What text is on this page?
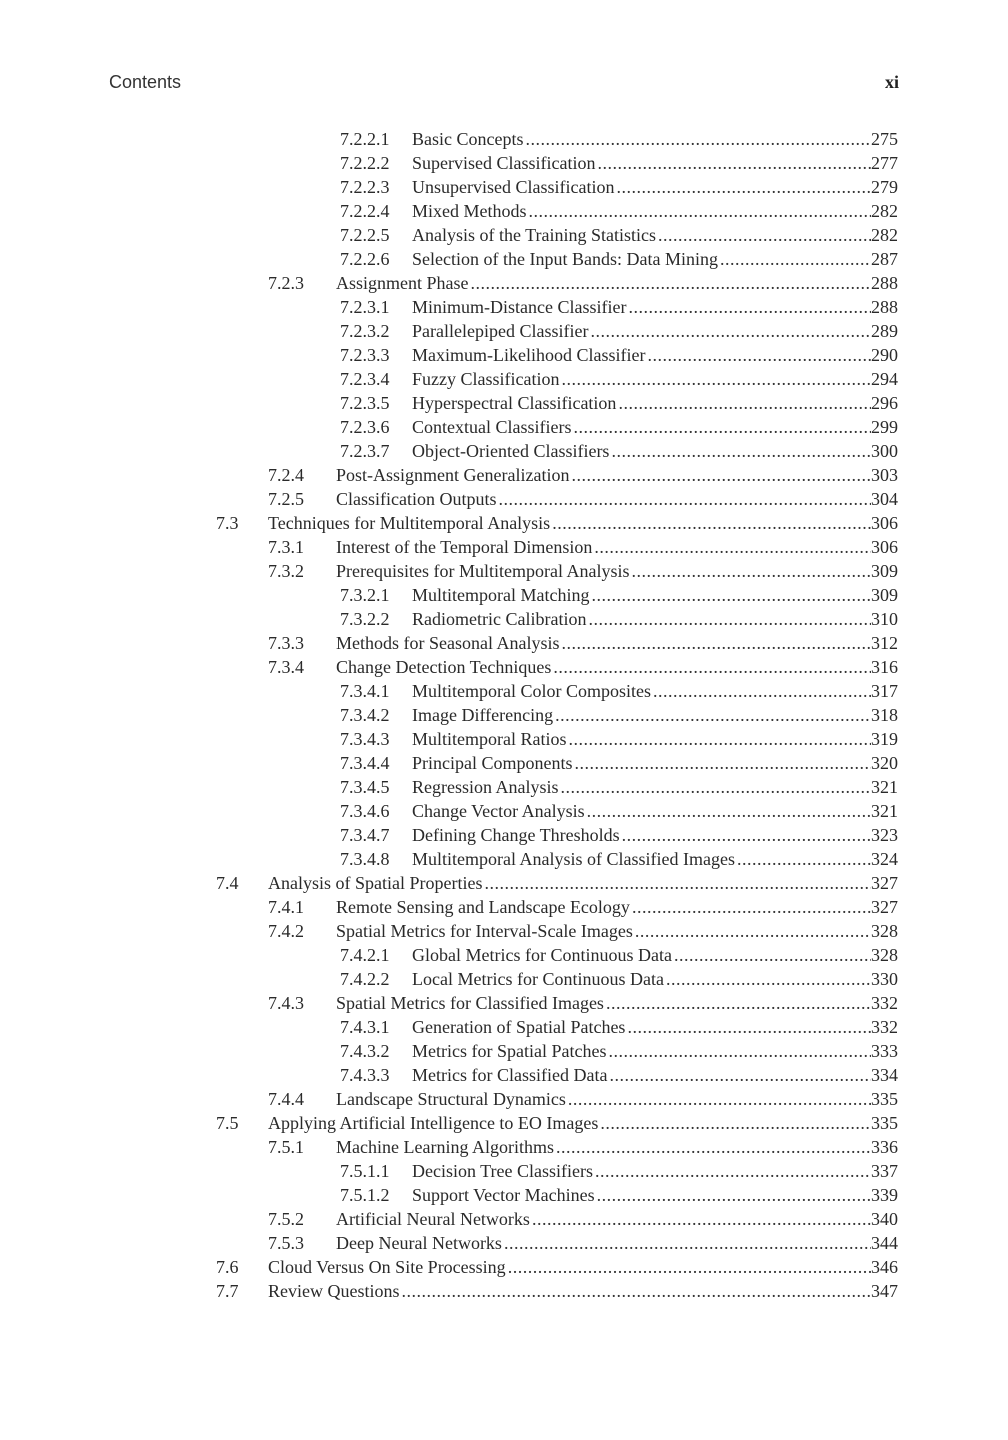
Contents	xi
7.2.2.1 Basic Concepts .....	275
7.2.2.2 Supervised Classification .....	277
7.2.2.3 Unsupervised Classification .....	279
7.2.2.4 Mixed Methods .....	282
7.2.2.5 Analysis of the Training Statistics .....	282
7.2.2.6 Selection of the Input Bands: Data Mining .....	287
7.2.3 Assignment Phase .....	288
7.2.3.1 Minimum-Distance Classifier .....	288
7.2.3.2 Parallelepiped Classifier .....	289
7.2.3.3 Maximum-Likelihood Classifier .....	290
7.2.3.4 Fuzzy Classification .....	294
7.2.3.5 Hyperspectral Classification .....	296
7.2.3.6 Contextual Classifiers .....	299
7.2.3.7 Object-Oriented Classifiers .....	300
7.2.4 Post-Assignment Generalization .....	303
7.2.5 Classification Outputs .....	304
7.3 Techniques for Multitemporal Analysis .....	306
7.3.1 Interest of the Temporal Dimension .....	306
7.3.2 Prerequisites for Multitemporal Analysis .....	309
7.3.2.1 Multitemporal Matching .....	309
7.3.2.2 Radiometric Calibration .....	310
7.3.3 Methods for Seasonal Analysis .....	312
7.3.4 Change Detection Techniques .....	316
7.3.4.1 Multitemporal Color Composites .....	317
7.3.4.2 Image Differencing .....	318
7.3.4.3 Multitemporal Ratios .....	319
7.3.4.4 Principal Components .....	320
7.3.4.5 Regression Analysis .....	321
7.3.4.6 Change Vector Analysis .....	321
7.3.4.7 Defining Change Thresholds .....	323
7.3.4.8 Multitemporal Analysis of Classified Images .....	324
7.4 Analysis of Spatial Properties .....	327
7.4.1 Remote Sensing and Landscape Ecology .....	327
7.4.2 Spatial Metrics for Interval-Scale Images .....	328
7.4.2.1 Global Metrics for Continuous Data .....	328
7.4.2.2 Local Metrics for Continuous Data .....	330
7.4.3 Spatial Metrics for Classified Images .....	332
7.4.3.1 Generation of Spatial Patches .....	332
7.4.3.2 Metrics for Spatial Patches .....	333
7.4.3.3 Metrics for Classified Data .....	334
7.4.4 Landscape Structural Dynamics .....	335
7.5 Applying Artificial Intelligence to EO Images .....	335
7.5.1 Machine Learning Algorithms .....	336
7.5.1.1 Decision Tree Classifiers .....	337
7.5.1.2 Support Vector Machines .....	339
7.5.2 Artificial Neural Networks .....	340
7.5.3 Deep Neural Networks .....	344
7.6 Cloud Versus On Site Processing .....	346
7.7 Review Questions .....	347
